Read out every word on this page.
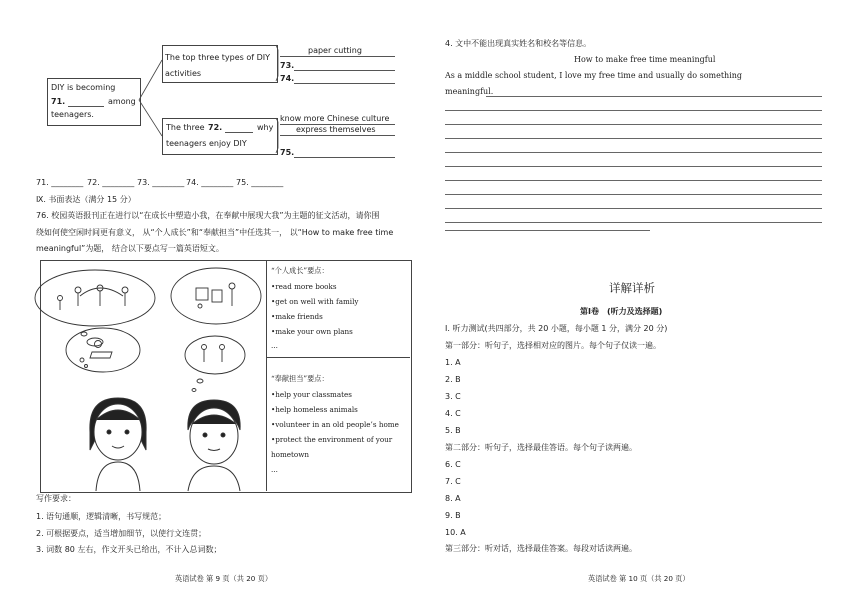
DIY is becoming
71.	among
teenagers.
The top three types of DIY
activities
The three 72.	why
teenagers enjoy DIY
paper cutting
73.
74.
know more Chinese culture
express themselves
75.
71. ________ 72. ________ 73. ________ 74. ________ 75. ________
Ⅸ. 书面表达（满分 15 分）
76. 校园英语报刊正在进行以“在成长中塑造小我，在奉献中展现大我”为主题的征文活动，请你围
绕如何使空闲时间更有意义， 从“个人成长”和“奉献担当”中任选其一， 以“How to make free time
meaningful”为题， 结合以下要点写一篇英语短文。
“个人成长”要点：
•read more books
•get on well with family
•make friends
•make your own plans
...
“奉献担当”要点：
•help your classmates
•help homeless animals
•volunteer in an old people’s home
•protect the environment of your
hometown
...
写作要求：
1. 语句通顺，逻辑清晰，书写规范；
2. 可根据要点，适当增加细节，以使行文连贯；
3. 词数 80 左右，作文开头已给出，不计入总词数；
英语试卷 第 9 页（共 20 页）
4. 文中不能出现真实姓名和校名等信息。
How to make free time meaningful
As a middle school student, I love my free time and usually do something
meaningful.
详解详析
第Ⅰ卷　(听力及选择题)
Ⅰ. 听力测试(共四部分，共 20 小题，每小题 1 分，满分 20 分)
第一部分：听句子，选择相对应的图片。每个句子仅读一遍。
1. A
2. B
3. C
4. C
5. B
第二部分：听句子，选择最佳答语。每个句子读两遍。
6. C
7. C
8. A
9. B
10. A
第三部分：听对话，选择最佳答案。每段对话读两遍。
英语试卷 第 10 页（共 20 页）
